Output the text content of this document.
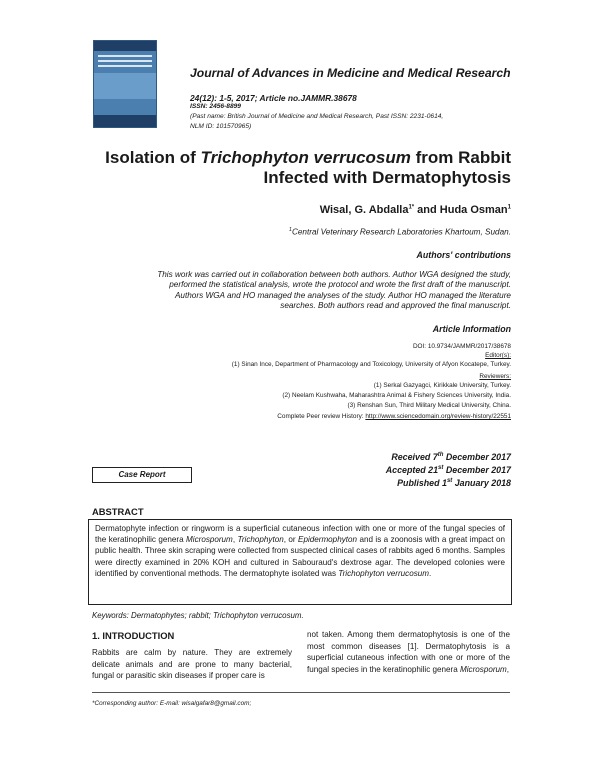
Journal of Advances in Medicine and Medical Research
24(12): 1-5, 2017; Article no.JAMMR.38678
ISSN: 2456-8899
(Past name: British Journal of Medicine and Medical Research, Past ISSN: 2231-0614,
NLM ID: 101570965)
Isolation of Trichophyton verrucosum from Rabbit
Infected with Dermatophytosis
Wisal, G. Abdalla$^{1*}$ and Huda Osman$^1$
$^1$Central Veterinary Research Laboratories Khartoum, Sudan.
Authors' contributions
This work was carried out in collaboration between both authors. Author WGA designed the study,
performed the statistical analysis, wrote the protocol and wrote the first draft of the manuscript.
Authors WGA and HO managed the analyses of the study. Author HO managed the literature
searches. Both authors read and approved the final manuscript.
Article Information
DOI: 10.9734/JAMMR/2017/38678
Editor(s):
(1) Sinan Ince, Department of Pharmacology and Toxicology, University of Afyon Kocatepe, Turkey.
Reviewers:
(1) Serkal Gazyagci, Kirikkale University, Turkey.
(2) Neelam Kushwaha, Maharashtra Animal & Fishery Sciences University, India.
(3) Renshan Sun, Third Military Medical University, China.
Complete Peer review History: http://www.sciencedomain.org/review-history/22551
Received 7th December 2017
Accepted 21st December 2017
Published 1st January 2018
Case Report
ABSTRACT
Dermatophyte infection or ringworm is a superficial cutaneous infection with one or more of the fungal species of the keratinophilic genera Microsporum, Trichophyton, or Epidermophyton and is a zoonosis with a great impact on public health. Three skin scraping were collected from suspected clinical cases of rabbits aged 6 months. Samples were directly examined in 20% KOH and cultured in Sabouraud's dextrose agar. The developed colonies were identified by conventional methods. The dermatophyte isolated was Trichophyton verrucosum.
Keywords: Dermatophytes; rabbit; Trichophyton verrucosum.
1. INTRODUCTION
Rabbits are calm by nature. They are extremely delicate animals and are prone to many bacterial, fungal or parasitic skin diseases if proper care is
not taken. Among them dermatophytosis is one of the most common diseases [1]. Dermatophytosis is a superficial cutaneous infection with one or more of the fungal species in the keratinophilic genera Microsporum,
*Corresponding author: E-mail: wisalgafar8@gmail.com;
